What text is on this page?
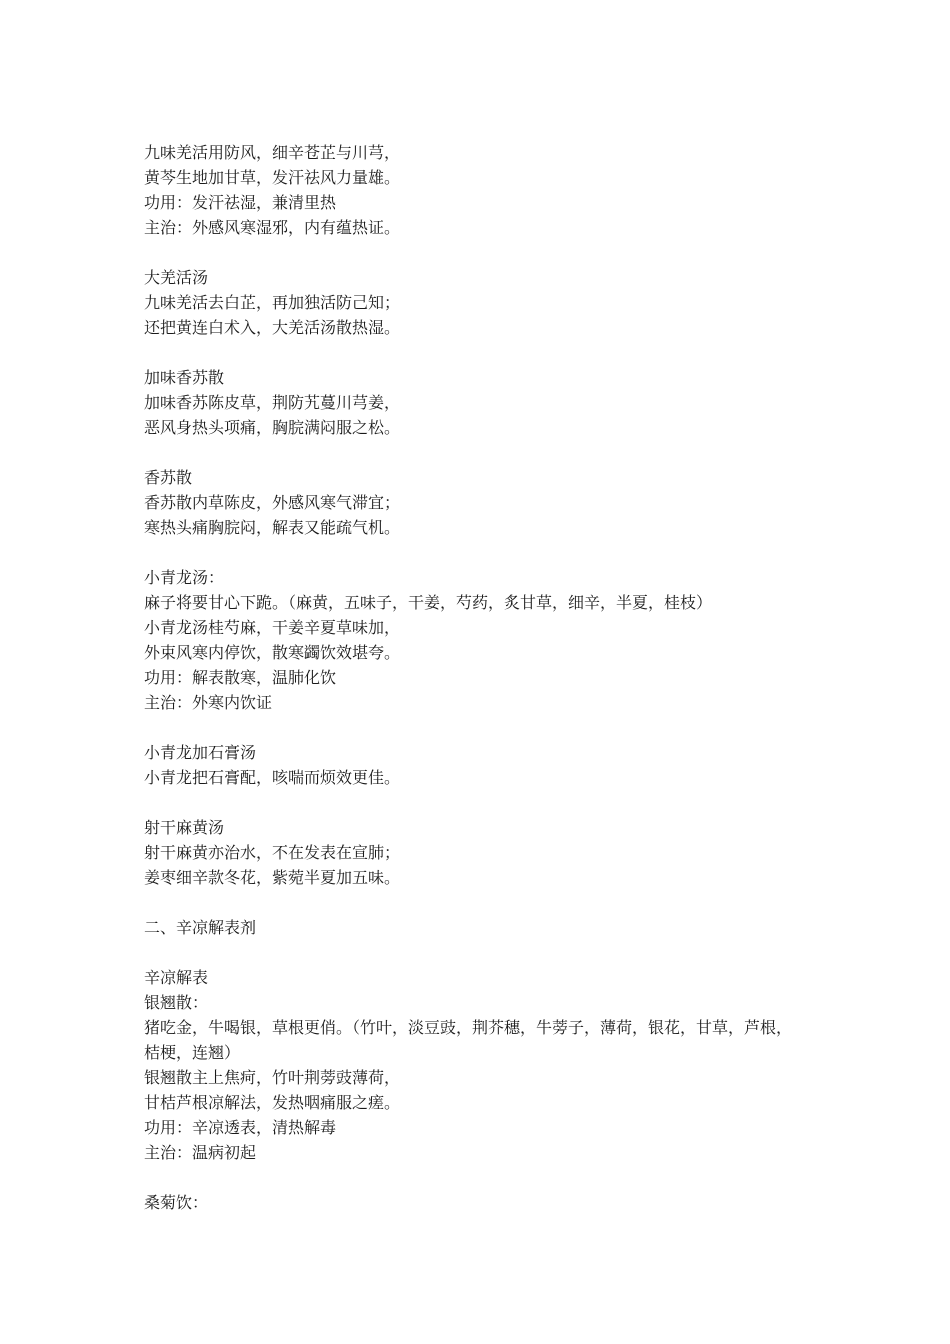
九味羌活用防风，细辛苍芷与川芎，
黄芩生地加甘草，发汗祛风力量雄。
功用：发汗祛湿，兼清里热
主治：外感风寒湿邪，内有蕴热证。
大羌活汤
九味羌活去白芷，再加独活防己知；
还把黄连白术入，大羌活汤散热湿。
加味香苏散
加味香苏陈皮草，荆防艽蔓川芎姜，
恶风身热头项痛，胸脘满闷服之松。
香苏散
香苏散内草陈皮，外感风寒气滞宜；
寒热头痛胸脘闷，解表又能疏气机。
小青龙汤：
麻子将要甘心下跪。（麻黄，五味子，干姜，芍药，炙甘草，细辛，半夏，桂枝）
小青龙汤桂芍麻，干姜辛夏草味加，
外束风寒内停饮，散寒蠲饮效堪夸。
功用：解表散寒，温肺化饮
主治：外寒内饮证
小青龙加石膏汤
小青龙把石膏配，咳喘而烦效更佳。
射干麻黄汤
射干麻黄亦治水，不在发表在宣肺；
姜枣细辛款冬花，紫菀半夏加五味。
二、辛凉解表剂
辛凉解表
银翘散：
猪吃金，牛喝银，草根更俏。（竹叶，淡豆豉，荆芥穗，牛蒡子，薄荷，银花，甘草，芦根，
桔梗，连翘）
银翘散主上焦疴，竹叶荆蒡豉薄荷，
甘桔芦根凉解法，发热咽痛服之瘥。
功用：辛凉透表，清热解毒
主治：温病初起
桑菊饮：
